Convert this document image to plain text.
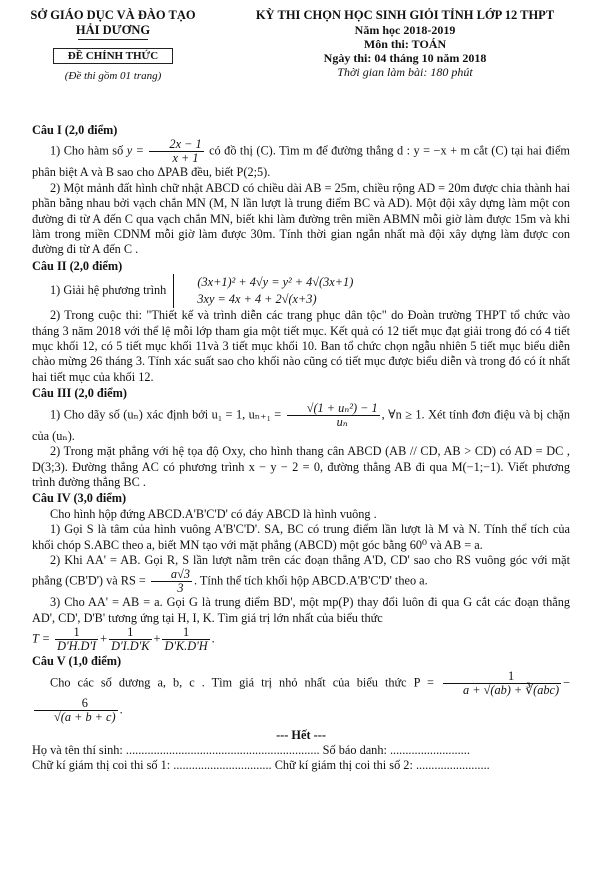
SỞ GIÁO DỤC VÀ ĐÀO TẠO
HẢI DƯƠNG
ĐỀ CHÍNH THỨC
(Đề thi gồm 01 trang)
KỲ THI CHỌN HỌC SINH GIỎI TỈNH LỚP 12 THPT
Năm học 2018-2019
Môn thi: TOÁN
Ngày thi: 04 tháng 10 năm 2018
Thời gian làm bài: 180 phút
Câu I (2,0 điểm)
1) Cho hàm số $y = \frac{2x - 1}{x + 1}$ có đồ thị (C). Tìm m để đường thẳng d : y = −x + m cắt (C) tại hai điểm phân biệt A và B sao cho ΔPAB đều, biết P(2;5).
2) Một mảnh đất hình chữ nhật ABCD có chiều dài AB = 25m, chiều rộng AD = 20m được chia thành hai phần bằng nhau bởi vạch chắn MN (M, N lần lượt là trung điểm BC và AD). Một đội xây dựng làm một con đường đi từ A đến C qua vạch chắn MN, biết khi làm đường trên miền ABMN mỗi giờ làm được 15m và khi làm trong miền CDNM mỗi giờ làm được 30m. Tính thời gian ngắn nhất mà đội xây dựng làm được con đường đi từ A đến C .
Câu II (2,0 điểm)
1) Giải hệ phương trình
(3x+1)² + 4√y = y² + 4√(3x+1)
3xy = 4x + 4 + 2√(x+3)
2) Trong cuộc thi: "Thiết kế và trình diễn các trang phục dân tộc" do Đoàn trường THPT tổ chức vào tháng 3 năm 2018 với thể lệ mỗi lớp tham gia một tiết mục. Kết quả có 12 tiết mục đạt giải trong đó có 4 tiết mục khối 12, có 5 tiết mục khối 11và 3 tiết mục khối 10. Ban tổ chức chọn ngẫu nhiên 5 tiết mục biểu diễn chào mừng 26 tháng 3. Tính xác suất sao cho khối nào cũng có tiết mục được biểu diễn và trong đó có ít nhất hai tiết mục của khối 12.
Câu III (2,0 điểm)
1) Cho dãy số (uₙ) xác định bởi u₁ = 1, $u_{n+1} = \frac{\text{√(1 + uₙ²) − 1}}{\text{uₙ}}$ , ∀n ≥ 1. Xét tính đơn điệu và bị chặn của (uₙ).
2) Trong mặt phẳng với hệ tọa độ Oxy, cho hình thang cân ABCD (AB // CD, AB > CD) có AD = DC , D(3;3). Đường thẳng AC có phương trình x − y − 2 = 0, đường thẳng AB đi qua M(−1;−1). Viết phương trình đường thẳng BC .
Câu IV (3,0 điểm)
Cho hình hộp đứng ABCD.A'B'C'D' có đáy ABCD là hình vuông .
1) Gọi S là tâm của hình vuông A'B'C'D'. SA, BC có trung điểm lần lượt là M và N. Tính thể tích của khối chóp S.ABC theo a, biết MN tạo với mặt phẳng (ABCD) một góc bằng 60⁰ và AB = a.
2) Khi AA' = AB. Gọi R, S lần lượt nằm trên các đoạn thẳng A'D, CD' sao cho RS vuông góc với mặt phẳng (CB'D') và RS = $\frac{a√3}{3}$ . Tính thể tích khối hộp ABCD.A'B'C'D' theo a.
3) Cho AA' = AB = a. Gọi G là trung điểm BD', một mp(P) thay đổi luôn đi qua G cắt các đoạn thẳng AD', CD', D'B' tương ứng tại H, I, K. Tìm giá trị lớn nhất của biểu thức
$T = \frac{1}{D'H.D'I} + \frac{1}{D'I.D'K} + \frac{1}{D'K.D'H}$ .
Câu V (1,0 điểm)
Cho các số dương a, b, c . Tìm giá trị nhỏ nhất của biểu thức $P = \frac{1}{\text{a + √(ab) + ∛(abc)}}$ −
$\frac{6}{√(a + b + c)}$ .
--- Hết ---
Họ và tên thí sinh: ............................................................... Số báo danh: ..........................
Chữ kí giám thị coi thi số 1: ................................ Chữ kí giám thị coi thi số 2: ........................
